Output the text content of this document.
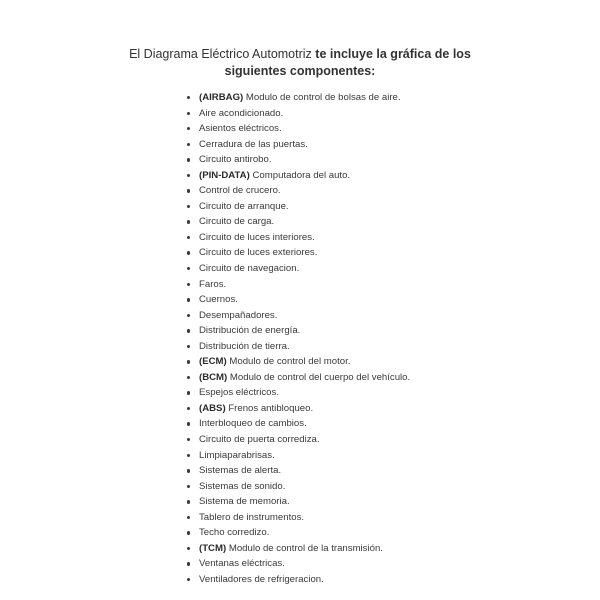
El Diagrama Eléctrico Automotriz te incluye la gráfica de los siguientes componentes:
(AIRBAG) Modulo de control de bolsas de aire.
Aire acondicionado.
Asientos eléctricos.
Cerradura de las puertas.
Circuito antirobo.
(PIN-DATA) Computadora del auto.
Control de crucero.
Circuito de arranque.
Circuito de carga.
Circuito de luces interiores.
Circuito de luces exteriores.
Circuito de navegacion.
Faros.
Cuernos.
Desempañadores.
Distribución de energía.
Distribución de tierra.
(ECM) Modulo de control del motor.
(BCM) Modulo de control del cuerpo del vehículo.
Espejos eléctricos.
(ABS) Frenos antibloqueo.
Interbloqueo de cambios.
Circuito de puerta corrediza.
Limpiaparabrisas.
Sistemas de alerta.
Sistemas de sonido.
Sistema de memoria.
Tablero de instrumentos.
Techo corredizo.
(TCM) Modulo de control de la transmisión.
Ventanas eléctricas.
Ventiladores de refrigeracion.
